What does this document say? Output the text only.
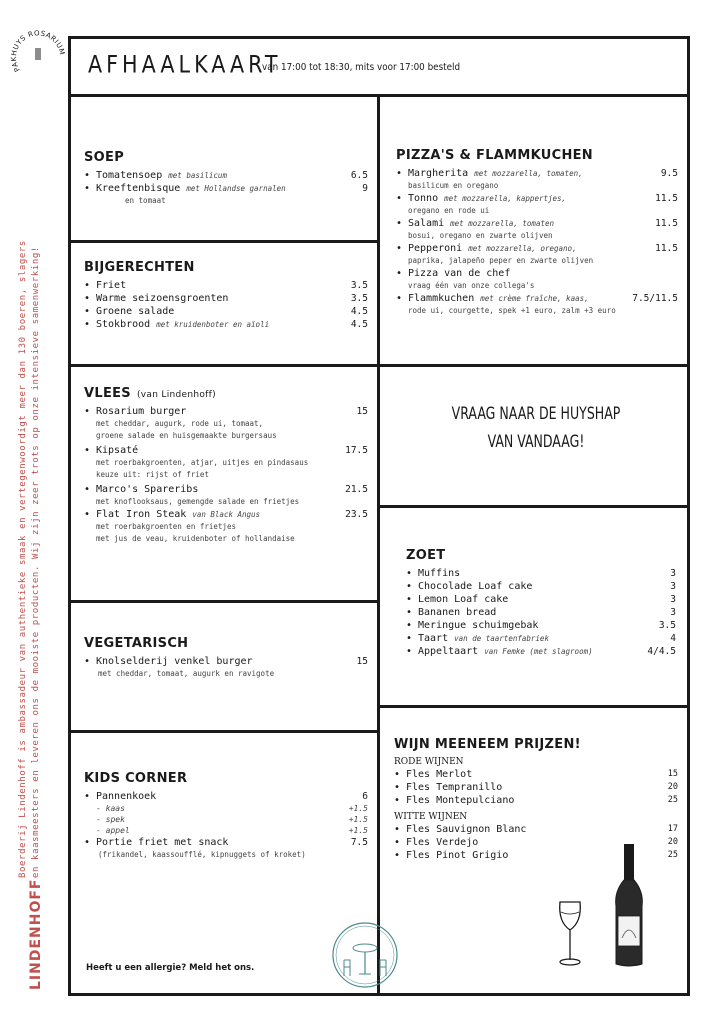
PAKHUYS ROSARIUM
Boerderij Lindenhoff is ambassadeur van authentieke smaak en vertegenwoordigt meer dan 130 boeren, slagers en kaasmeesters en leveren ons de mooiste producten. Wij zijn zeer trots op onze intensieve samenwerking!
LINDENHOFF
AFHAALKAART
van 17:00 tot 18:30, mits voor 17:00 besteld
SOEP
• Tomatensoep met basilicum	6.5
• Kreeftenbisque met Hollandse garnalen	9
en tomaat
BIJGERECHTEN
• Friet	3.5
• Warme seizoensgroenten	3.5
• Groene salade	4.5
• Stokbrood met kruidenboter en aïoli	4.5
VLEES (van Lindenhoff)
• Rosarium burger	15
met cheddar, augurk, rode ui, tomaat,
groene salade en huisgemaakte burgersaus
• Kipsaté	17.5
met roerbakgroenten, atjar, uitjes en pindasaus
keuze uit: rijst of friet
• Marco's Spareribs	21.5
met knoflooksaus, gemengde salade en frietjes
• Flat Iron Steak van Black Angus	23.5
met roerbakgroenten en frietjes
met jus de veau, kruidenboter of hollandaise
VEGETARISCH
• Knolselderij venkel burger	15
met cheddar, tomaat, augurk en ravigote
KIDS CORNER
• Pannenkoek	6
- kaas	+1.5
- spek	+1.5
- appel	+1.5
• Portie friet met snack	7.5
(frikandel, kaassoufflé, kipnuggets of kroket)
Heeft u een allergie? Meld het ons.
PIZZA'S & FLAMMKUCHEN
• Margherita met mozzarella, tomaten,	9.5
basilicum en oregano
• Tonno met mozzarella, kappertjes,	11.5
oregano en rode ui
• Salami met mozzarella, tomaten	11.5
bosui, oregano en zwarte olijven
• Pepperoni met mozzarella, oregano,	11.5
paprika, jalapeño peper en zwarte olijven
• Pizza van de chef
vraag één van onze collega's
• Flammkuchen met crème fraîche, kaas,	7.5/11.5
rode ui, courgette, spek +1 euro, zalm +3 euro
VRAAG NAAR DE HUYSHAP
VAN VANDAAG!
ZOET
• Muffins	3
• Chocolade Loaf cake	3
• Lemon Loaf cake	3
• Bananen bread	3
• Meringue schuimgebak	3.5
• Taart van de taartenfabriek	4
• Appeltaart van Femke (met slagroom)	4/4.5
WIJN MEENEEM PRIJZEN!
RODE WIJNEN
• Fles Merlot	15
• Fles Tempranillo	20
• Fles Montepulciano	25
WITTE WIJNEN
• Fles Sauvignon Blanc	17
• Fles Verdejo	20
• Fles Pinot Grigio	25
